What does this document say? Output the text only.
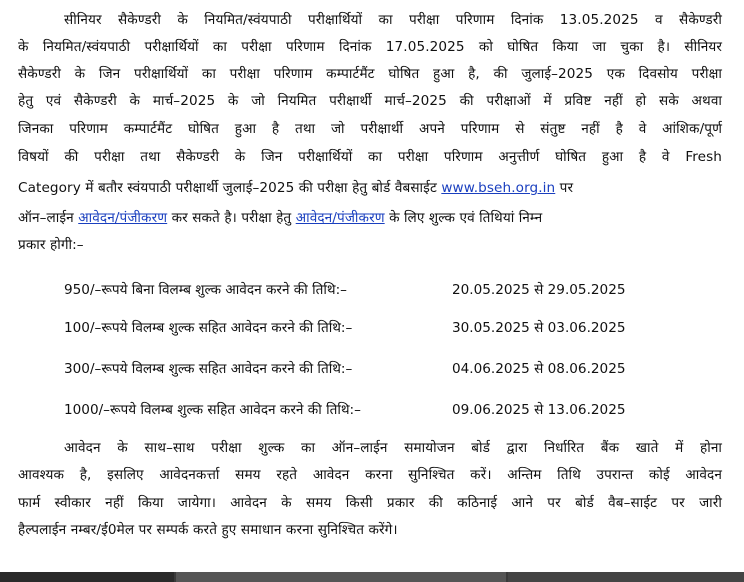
सीनियर सैकेण्डरी के नियमित/स्वंयपाठी परीक्षार्थियों का परीक्षा परिणाम दिनांक 13.05.2025 व सैकेण्डरी
के नियमित/स्वंयपाठी परीक्षार्थियों का परीक्षा परिणाम दिनांक 17.05.2025 को घोषित किया जा चुका है। सीनियर
सैकेण्डरी के जिन परीक्षार्थियों का परीक्षा परिणाम कम्पार्टमैंट घोषित हुआ है, की जुलाई–2025 एक दिवसोय परीक्षा
हेतु एवं सैकेण्डरी के मार्च–2025 के जो नियमित परीक्षार्थी मार्च–2025 की परीक्षाओं में प्रविष्ट नहीं हो सके अथवा
जिनका परिणाम कम्पार्टमैंट घोषित हुआ है तथा जो परीक्षार्थी अपने परिणाम से संतुष्ट नहीं है वे आंशिक/पूर्ण
विषयों की परीक्षा तथा सैकेण्डरी के जिन परीक्षार्थियों का परीक्षा परिणाम अनुत्तीर्ण घोषित हुआ है वे Fresh
Category में बतौर स्वंयपाठी परीक्षार्थी जुलाई–2025 की परीक्षा हेतु बोर्ड वैबसाईट www.bseh.org.in पर
ऑन–लाईन आवेदन/पंजीकरण कर सकते है। परीक्षा हेतु आवेदन/पंजीकरण के लिए शुल्क एवं तिथियां निम्न
प्रकार होगी:–
950/–रूपये बिना विलम्ब शुल्क आवेदन करने की तिथि:–	20.05.2025 से 29.05.2025
100/–रूपये विलम्ब शुल्क सहित आवेदन करने की तिथि:–	30.05.2025 से 03.06.2025
300/–रूपये विलम्ब शुल्क सहित आवेदन करने की तिथि:–	04.06.2025 से 08.06.2025
1000/–रूपये विलम्ब शुल्क सहित आवेदन करने की तिथि:–	09.06.2025 से 13.06.2025
आवेदन के साथ–साथ परीक्षा शुल्क का ऑन–लाईन समायोजन बोर्ड द्वारा निर्धारित बैंक खाते में होना
आवश्यक है, इसलिए आवेदनकर्त्ता समय रहते आवेदन करना सुनिश्चित करें। अन्तिम तिथि उपरान्त कोई आवेदन
फार्म स्वीकार नहीं किया जायेगा। आवेदन के समय किसी प्रकार की कठिनाई आने पर बोर्ड वैब–साईट पर जारी
हैल्पलाईन नम्बर/ई0मेल पर सम्पर्क करते हुए समाधान करना सुनिश्चित करेंगे।
